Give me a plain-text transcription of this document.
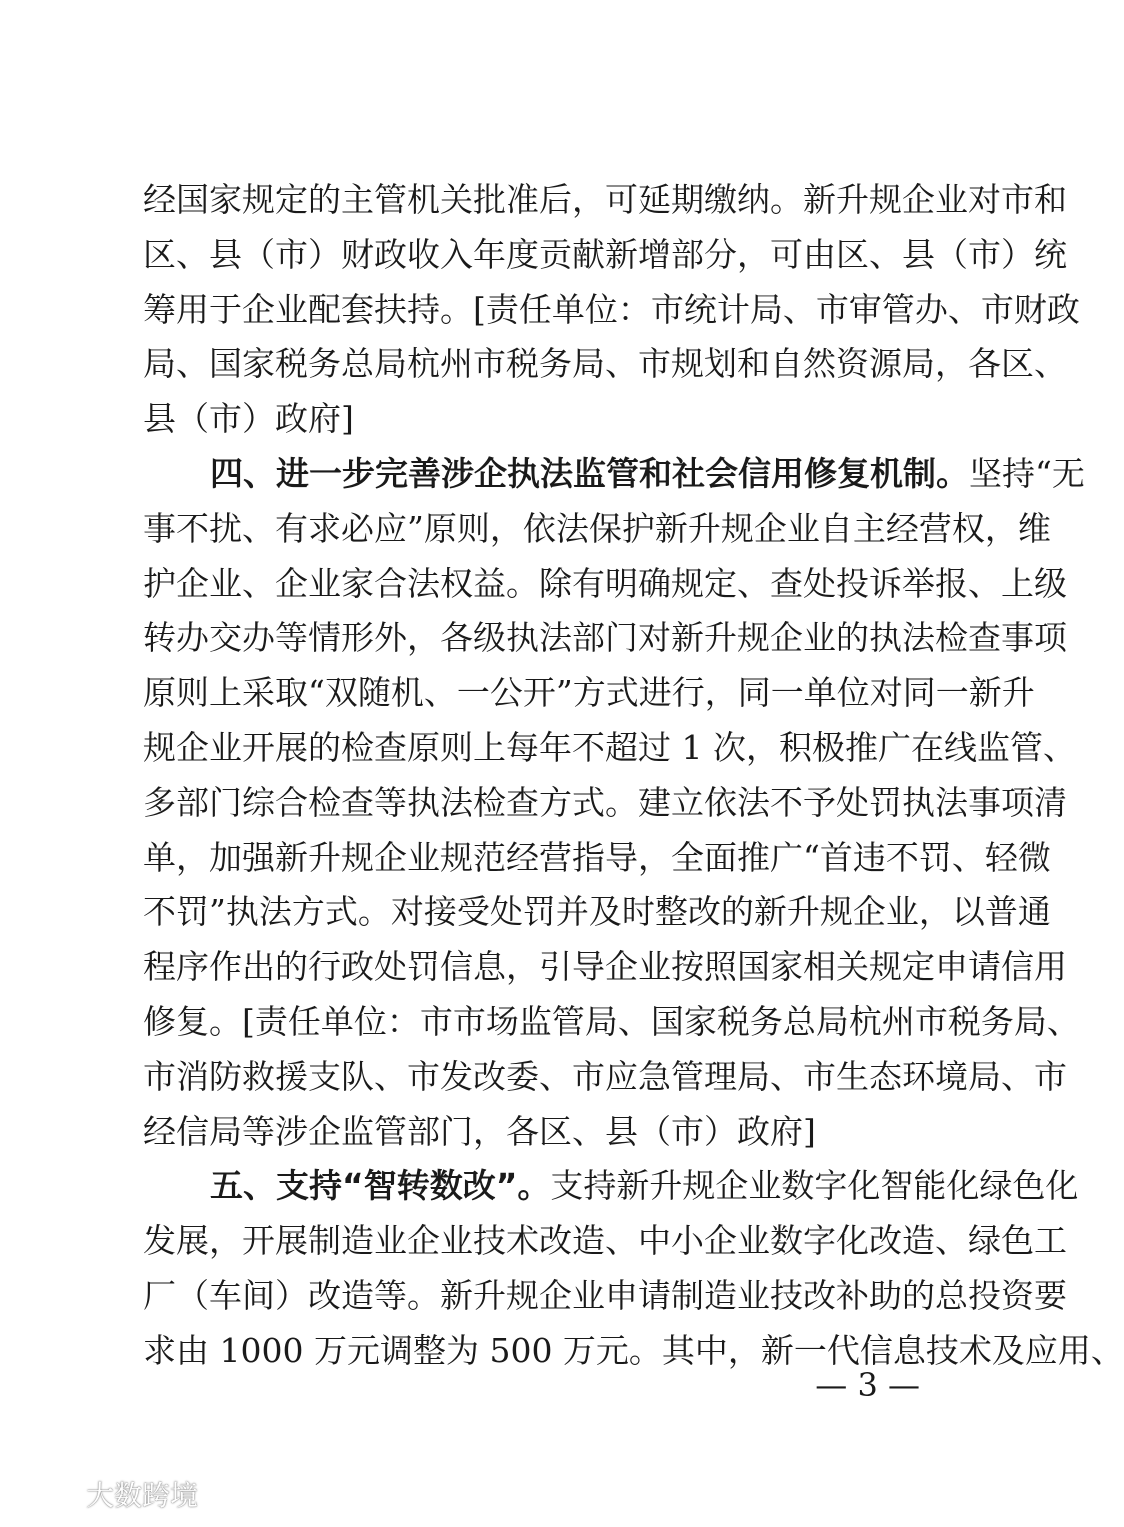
经国家规定的主管机关批准后，可延期缴纳。新升规企业对市和
区、县（市）财政收入年度贡献新增部分，可由区、县（市）统
筹用于企业配套扶持。[责任单位：市统计局、市审管办、市财政
局、国家税务总局杭州市税务局、市规划和自然资源局，各区、
县（市）政府]
四、进一步完善涉企执法监管和社会信用修复机制。坚持“无
事不扰、有求必应”原则，依法保护新升规企业自主经营权，维
护企业、企业家合法权益。除有明确规定、查处投诉举报、上级
转办交办等情形外，各级执法部门对新升规企业的执法检查事项
原则上采取“双随机、一公开”方式进行，同一单位对同一新升
规企业开展的检查原则上每年不超过 1 次，积极推广在线监管、
多部门综合检查等执法检查方式。建立依法不予处罚执法事项清
单，加强新升规企业规范经营指导，全面推广“首违不罚、轻微
不罚”执法方式。对接受处罚并及时整改的新升规企业，以普通
程序作出的行政处罚信息，引导企业按照国家相关规定申请信用
修复。[责任单位：市市场监管局、国家税务总局杭州市税务局、
市消防救援支队、市发改委、市应急管理局、市生态环境局、市
经信局等涉企监管部门，各区、县（市）政府]
五、支持“智转数改”。支持新升规企业数字化智能化绿色化
发展，开展制造业企业技术改造、中小企业数字化改造、绿色工
厂（车间）改造等。新升规企业申请制造业技改补助的总投资要
求由 1000 万元调整为 500 万元。其中，新一代信息技术及应用、
— 3 —
大数跨境
